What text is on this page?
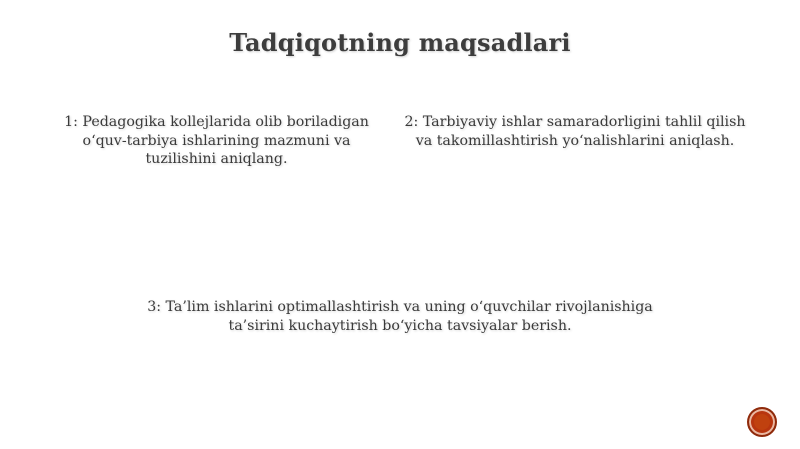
Tadqiqotning maqsadlari
1: Pedagogika kollejlarida olib boriladigan oʻquv-tarbiya ishlarining mazmuni va tuzilishini aniqlang.
2: Tarbiyaviy ishlar samaradorligini tahlil qilish va takomillashtirish yoʻnalishlarini aniqlash.
3: Ta’lim ishlarini optimallashtirish va uning oʻquvchilar rivojlanishiga ta’sirini kuchaytirish boʻyicha tavsiyalar berish.
